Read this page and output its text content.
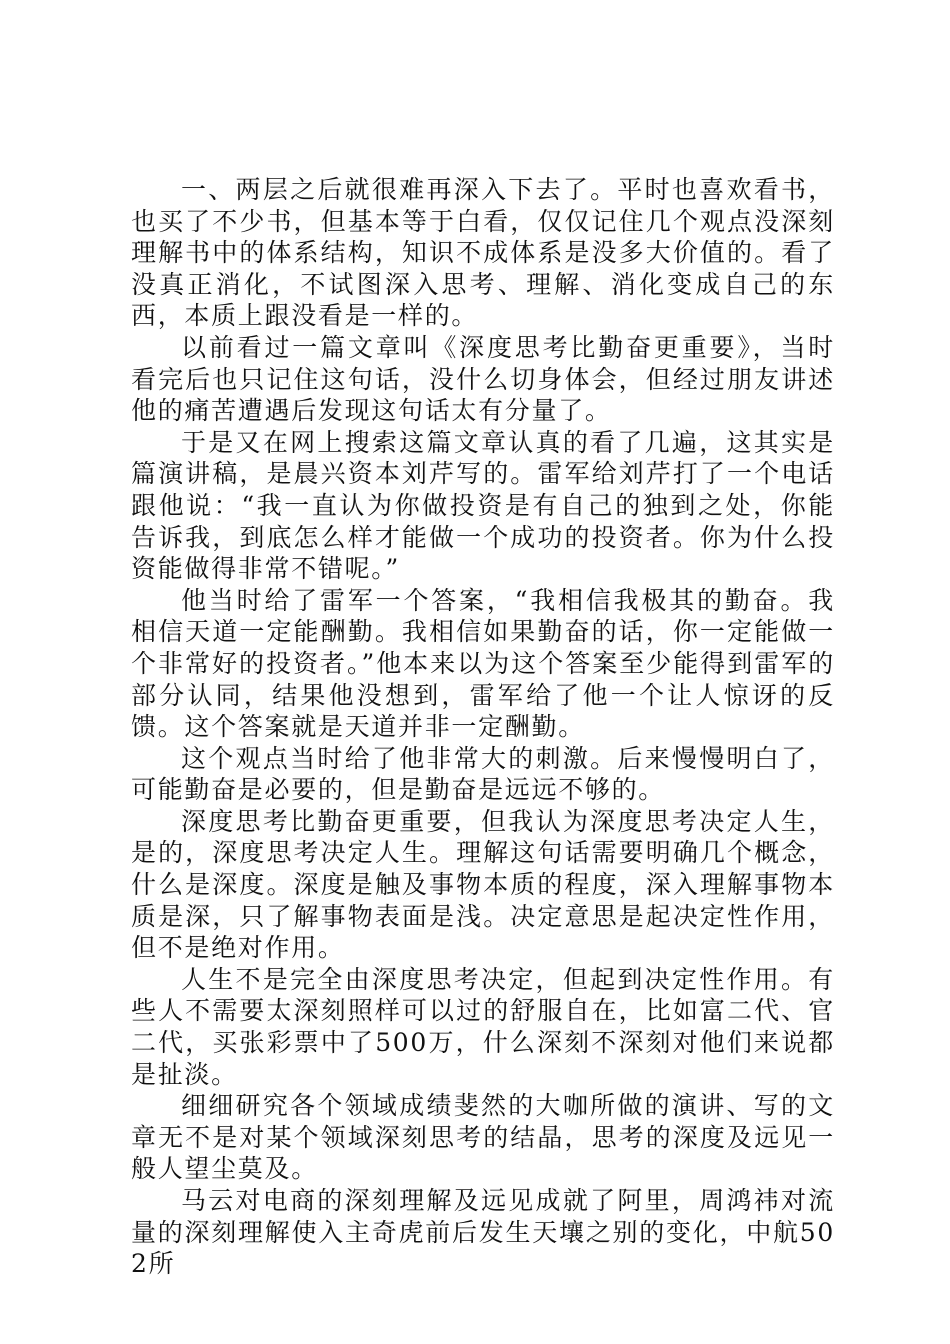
一、两层之后就很难再深入下去了。平时也喜欢看书，也买了不少书，但基本等于白看，仅仅记住几个观点没深刻理解书中的体系结构，知识不成体系是没多大价值的。看了没真正消化，不试图深入思考、理解、消化变成自己的东西，本质上跟没看是一样的。

以前看过一篇文章叫《深度思考比勤奋更重要》，当时看完后也只记住这句话，没什么切身体会，但经过朋友讲述他的痛苦遭遇后发现这句话太有分量了。

于是又在网上搜索这篇文章认真的看了几遍，这其实是篇演讲稿，是晨兴资本刘芹写的。雷军给刘芹打了一个电话跟他说：“我一直认为你做投资是有自己的独到之处，你能告诉我，到底怎么样才能做一个成功的投资者。你为什么投资能做得非常不错呢。”

他当时给了雷军一个答案，“我相信我极其的勤奋。我相信天道一定能酬勤。我相信如果勤奋的话，你一定能做一个非常好的投资者。”他本来以为这个答案至少能得到雷军的部分认同，结果他没想到，雷军给了他一个让人惊讶的反馈。这个答案就是天道并非一定酬勤。

这个观点当时给了他非常大的刺激。后来慢慢明白了，可能勤奋是必要的，但是勤奋是远远不够的。

深度思考比勤奋更重要，但我认为深度思考决定人生，是的，深度思考决定人生。理解这句话需要明确几个概念，什么是深度。深度是触及事物本质的程度，深入理解事物本质是深，只了解事物表面是浅。决定意思是起决定性作用，但不是绝对作用。

人生不是完全由深度思考决定，但起到决定性作用。有些人不需要太深刻照样可以过的舒服自在，比如富二代、官二代，买张彩票中了500万，什么深刻不深刻对他们来说都是扯淡。

细细研究各个领域成绩斐然的大咖所做的演讲、写的文章无不是对某个领域深刻思考的结晶，思考的深度及远见一般人望尘莫及。

马云对电商的深刻理解及远见成就了阿里，周鸿祎对流量的深刻理解使入主奇虎前后发生天壤之别的变化，中航502所
